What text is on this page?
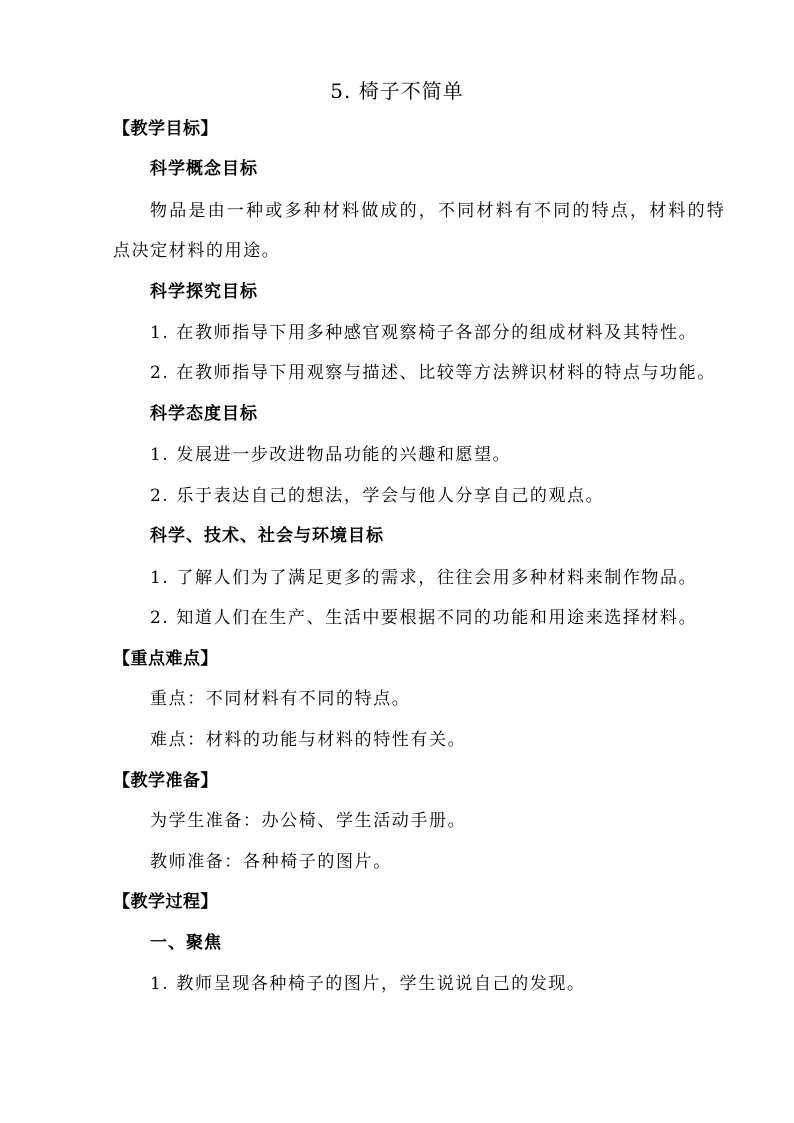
5. 椅子不简单
【教学目标】
科学概念目标
物品是由一种或多种材料做成的，不同材料有不同的特点，材料的特
点决定材料的用途。
科学探究目标
1. 在教师指导下用多种感官观察椅子各部分的组成材料及其特性。
2. 在教师指导下用观察与描述、比较等方法辨识材料的特点与功能。
科学态度目标
1. 发展进一步改进物品功能的兴趣和愿望。
2. 乐于表达自己的想法，学会与他人分享自己的观点。
科学、技术、社会与环境目标
1. 了解人们为了满足更多的需求，往往会用多种材料来制作物品。
2. 知道人们在生产、生活中要根据不同的功能和用途来选择材料。
【重点难点】
重点：不同材料有不同的特点。
难点：材料的功能与材料的特性有关。
【教学准备】
为学生准备：办公椅、学生活动手册。
教师准备：各种椅子的图片。
【教学过程】
一、聚焦
1. 教师呈现各种椅子的图片，学生说说自己的发现。
